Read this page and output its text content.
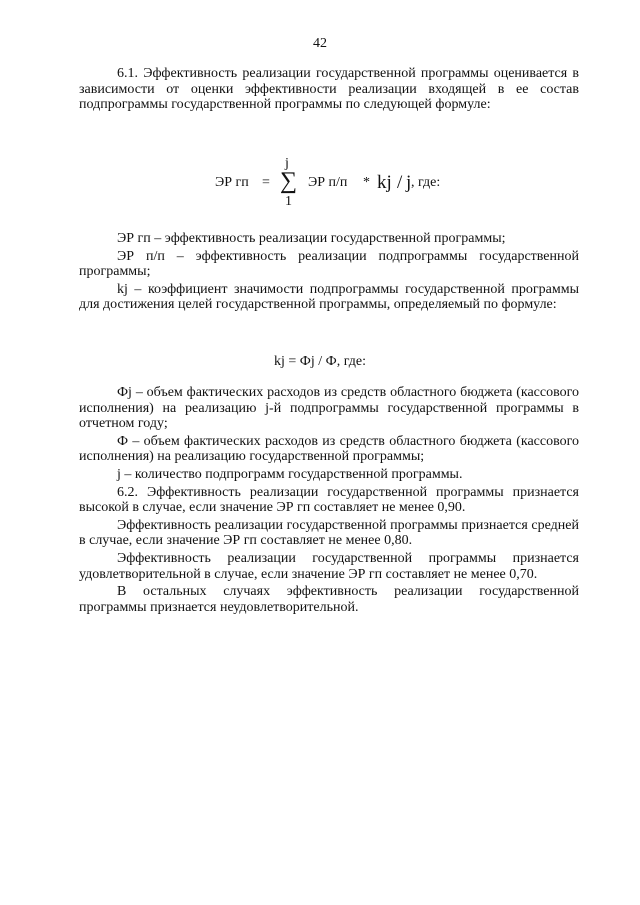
42

6.1. Эффективность реализации государственной программы оценивается в зависимости от оценки эффективности реализации входящей в ее состав подпрограммы государственной программы по следующей формуле:

j
∑
1
ЭР гп =	ЭР п/п * kj / j , где:

ЭР гп – эффективность реализации государственной программы;

ЭР п/п – эффективность реализации подпрограммы государственной программы;

kj – коэффициент значимости подпрограммы государственной программы для достижения целей государственной программы, определяемый по формуле:

kj = Фj / Ф, где:

Фj – объем фактических расходов из средств областного бюджета (кассового исполнения) на реализацию j-й подпрограммы государственной программы в отчетном году;

Ф – объем фактических расходов из средств областного бюджета (кассового исполнения) на реализацию государственной программы;

j – количество подпрограмм государственной программы.

6.2. Эффективность реализации государственной программы признается высокой в случае, если значение ЭР гп составляет не менее 0,90.

Эффективность реализации государственной программы признается средней в случае, если значение ЭР гп составляет не менее 0,80.

Эффективность реализации государственной программы признается удовлетворительной в случае, если значение ЭР гп составляет не менее 0,70.

В остальных случаях эффективность реализации государственной программы признается неудовлетворительной.
